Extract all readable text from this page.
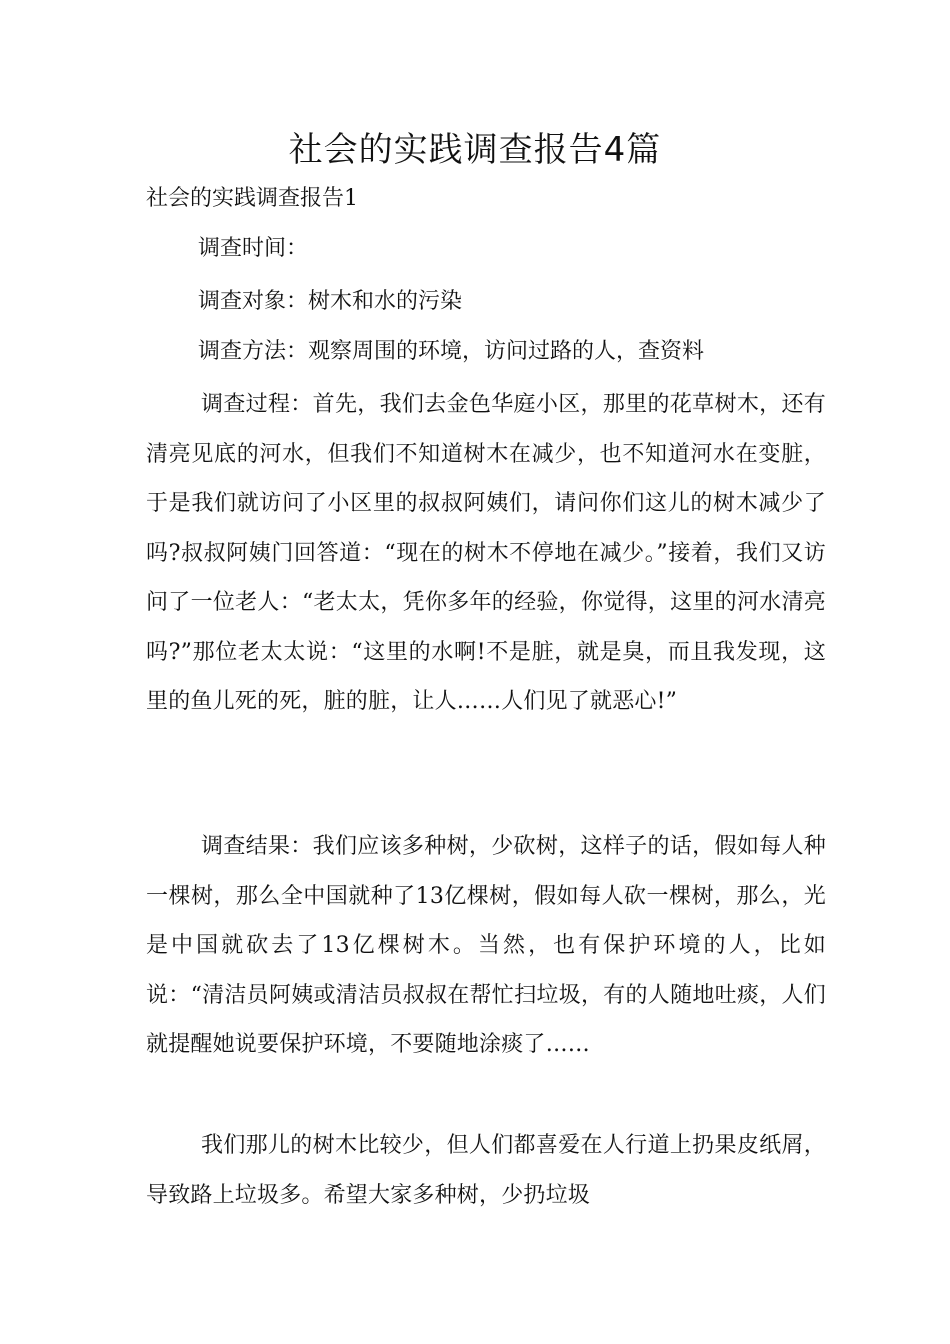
社会的实践调查报告4篇

社会的实践调查报告1

调查时间：

调查对象：树木和水的污染

调查方法：观察周围的环境，访问过路的人，查资料

调查过程：首先，我们去金色华庭小区，那里的花草树木，还有清亮见底的河水，但我们不知道树木在减少，也不知道河水在变脏，于是我们就访问了小区里的叔叔阿姨们，请问你们这儿的树木减少了吗?叔叔阿姨门回答道：“现在的树木不停地在减少。”接着，我们又访问了一位老人：“老太太，凭你多年的经验，你觉得，这里的河水清亮吗?”那位老太太说：“这里的水啊!不是脏，就是臭，而且我发现，这里的鱼儿死的死，脏的脏，让人……人们见了就恶心!”

调查结果：我们应该多种树，少砍树，这样子的话，假如每人种一棵树，那么全中国就种了13亿棵树，假如每人砍一棵树，那么，光是中国就砍去了13亿棵树木。当然，也有保护环境的人，比如说：“清洁员阿姨或清洁员叔叔在帮忙扫垃圾，有的人随地吐痰，人们就提醒她说要保护环境，不要随地涂痰了……

我们那儿的树木比较少，但人们都喜爱在人行道上扔果皮纸屑，导致路上垃圾多。希望大家多种树，少扔垃圾
